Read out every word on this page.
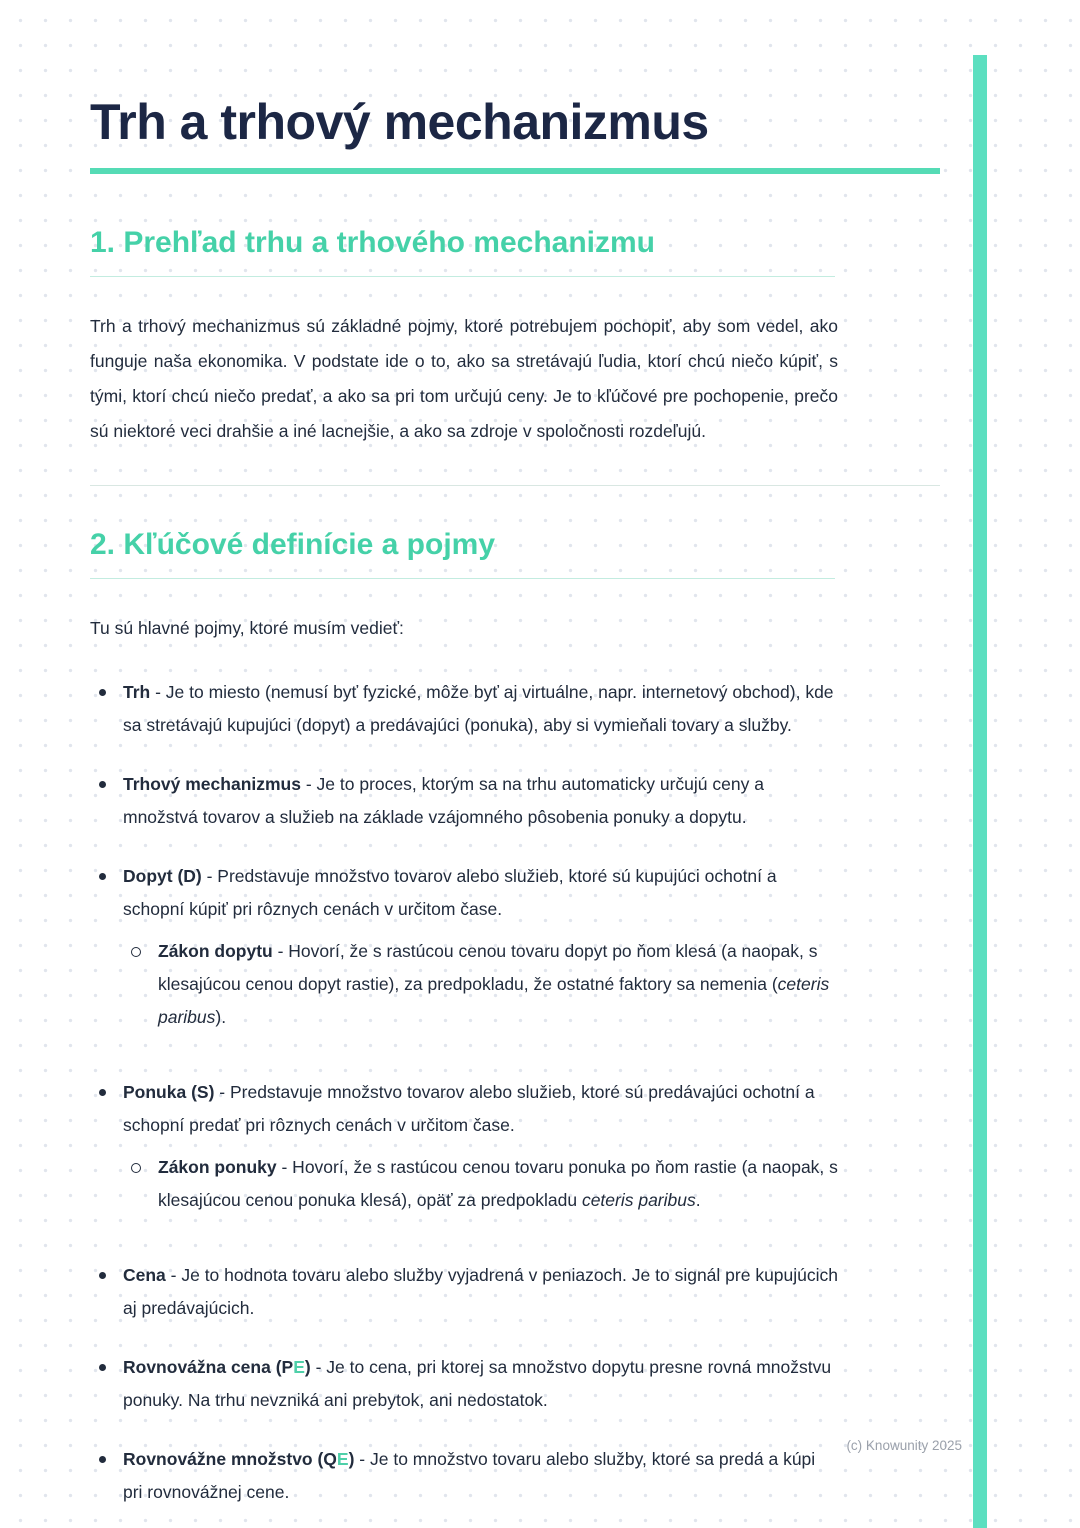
Trh a trhový mechanizmus
1. Prehľad trhu a trhového mechanizmu

Trh a trhový mechanizmus sú základné pojmy, ktoré potrebujem pochopiť, aby som vedel, ako funguje naša ekonomika. V podstate ide o to, ako sa stretávajú ľudia, ktorí chcú niečo kúpiť, s tými, ktorí chcú niečo predať, a ako sa pri tom určujú ceny. Je to kľúčové pre pochopenie, prečo sú niektoré veci drahšie a iné lacnejšie, a ako sa zdroje v spoločnosti rozdeľujú.

2. Kľúčové definície a pojmy

Tu sú hlavné pojmy, ktoré musím vedieť:

Trh - Je to miesto (nemusí byť fyzické, môže byť aj virtuálne, napr. internetový obchod), kde sa stretávajú kupujúci (dopyt) a predávajúci (ponuka), aby si vymieňali tovary a služby.
Trhový mechanizmus - Je to proces, ktorým sa na trhu automaticky určujú ceny a množstvá tovarov a služieb na základe vzájomného pôsobenia ponuky a dopytu.
Dopyt (D) - Predstavuje množstvo tovarov alebo služieb, ktoré sú kupujúci ochotní a schopní kúpiť pri rôznych cenách v určitom čase.
Zákon dopytu - Hovorí, že s rastúcou cenou tovaru dopyt po ňom klesá (a naopak, s klesajúcou cenou dopyt rastie), za predpokladu, že ostatné faktory sa nemenia (ceteris paribus).
Ponuka (S) - Predstavuje množstvo tovarov alebo služieb, ktoré sú predávajúci ochotní a schopní predať pri rôznych cenách v určitom čase.
Zákon ponuky - Hovorí, že s rastúcou cenou tovaru ponuka po ňom rastie (a naopak, s klesajúcou cenou ponuka klesá), opäť za predpokladu ceteris paribus.
Cena - Je to hodnota tovaru alebo služby vyjadrená v peniazoch. Je to signál pre kupujúcich aj predávajúcich.
Rovnovážna cena (PE) - Je to cena, pri ktorej sa množstvo dopytu presne rovná množstvu ponuky. Na trhu nevzniká ani prebytok, ani nedostatok.
Rovnovážne množstvo (QE) - Je to množstvo tovaru alebo služby, ktoré sa predá a kúpi pri rovnovážnej cene.
(c) Knowunity 2025
